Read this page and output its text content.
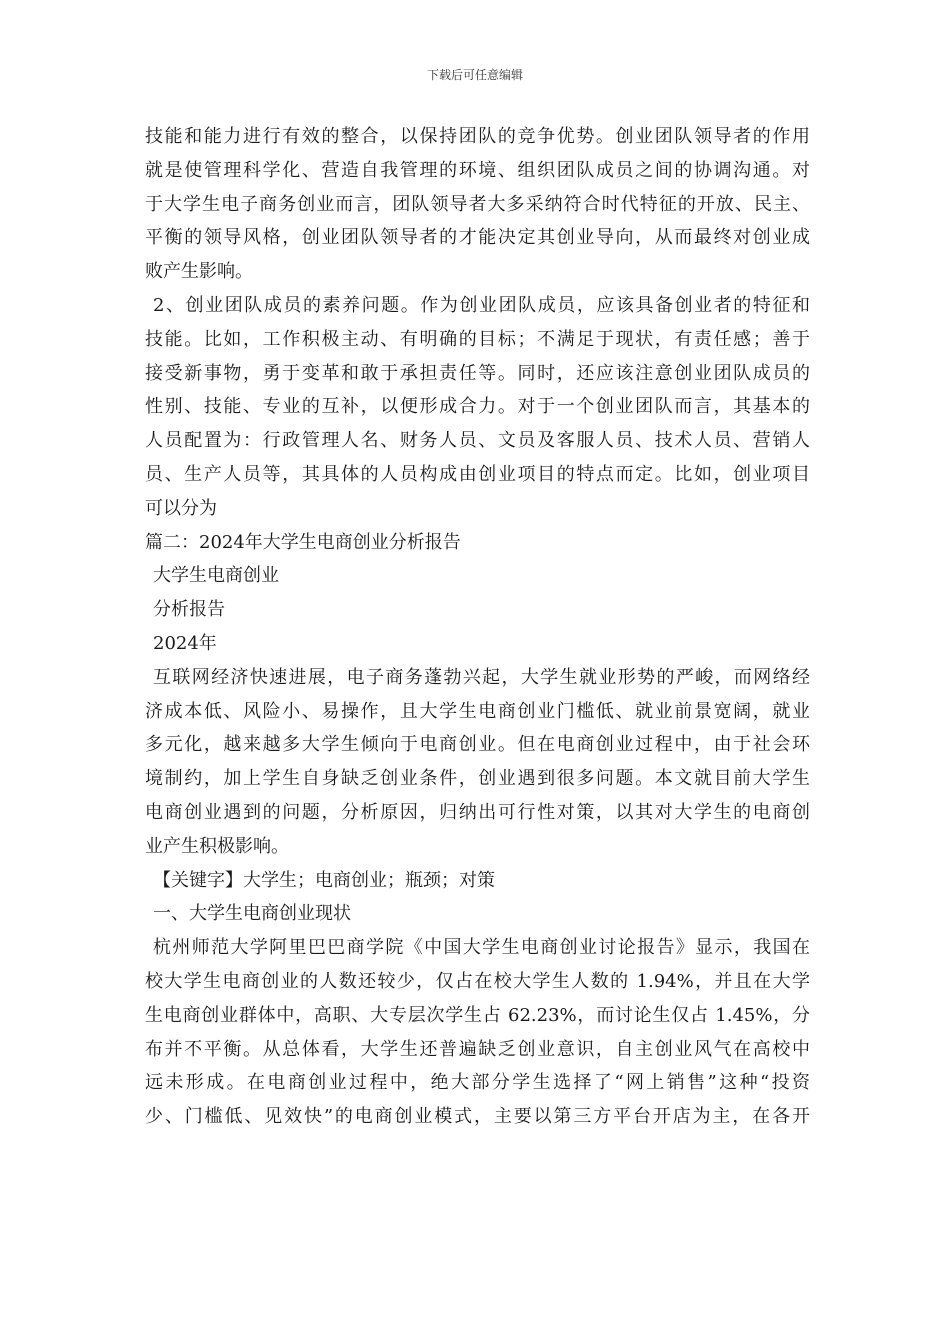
下载后可任意编辑
技能和能力进行有效的整合，以保持团队的竞争优势。创业团队领导者的作用
就是使管理科学化、营造自我管理的环境、组织团队成员之间的协调沟通。对
于大学生电子商务创业而言，团队领导者大多采纳符合时代特征的开放、民主、
平衡的领导风格，创业团队领导者的才能决定其创业导向，从而最终对创业成
败产生影响。
2、创业团队成员的素养问题。作为创业团队成员，应该具备创业者的特征和
技能。比如，工作积极主动、有明确的目标；不满足于现状，有责任感；善于
接受新事物，勇于变革和敢于承担责任等。同时，还应该注意创业团队成员的
性别、技能、专业的互补，以便形成合力。对于一个创业团队而言，其基本的
人员配置为：行政管理人名、财务人员、文员及客服人员、技术人员、营销人
员、生产人员等，其具体的人员构成由创业项目的特点而定。比如，创业项目
可以分为
篇二：2024年大学生电商创业分析报告
大学生电商创业
分析报告
2024年
互联网经济快速进展，电子商务蓬勃兴起，大学生就业形势的严峻，而网络经
济成本低、风险小、易操作，且大学生电商创业门槛低、就业前景宽阔，就业
多元化，越来越多大学生倾向于电商创业。但在电商创业过程中，由于社会环
境制约，加上学生自身缺乏创业条件，创业遇到很多问题。本文就目前大学生
电商创业遇到的问题，分析原因，归纳出可行性对策，以其对大学生的电商创
业产生积极影响。
【关键字】大学生；电商创业；瓶颈；对策
一、大学生电商创业现状
杭州师范大学阿里巴巴商学院《中国大学生电商创业讨论报告》显示，我国在
校大学生电商创业的人数还较少，仅占在校大学生人数的 1.94%，并且在大学
生电商创业群体中，高职、大专层次学生占 62.23%，而讨论生仅占 1.45%，分
布并不平衡。从总体看，大学生还普遍缺乏创业意识，自主创业风气在高校中
远未形成。在电商创业过程中，绝大部分学生选择了“网上销售”这种“投资
少、门槛低、见效快”的电商创业模式，主要以第三方平台开店为主，在各开
